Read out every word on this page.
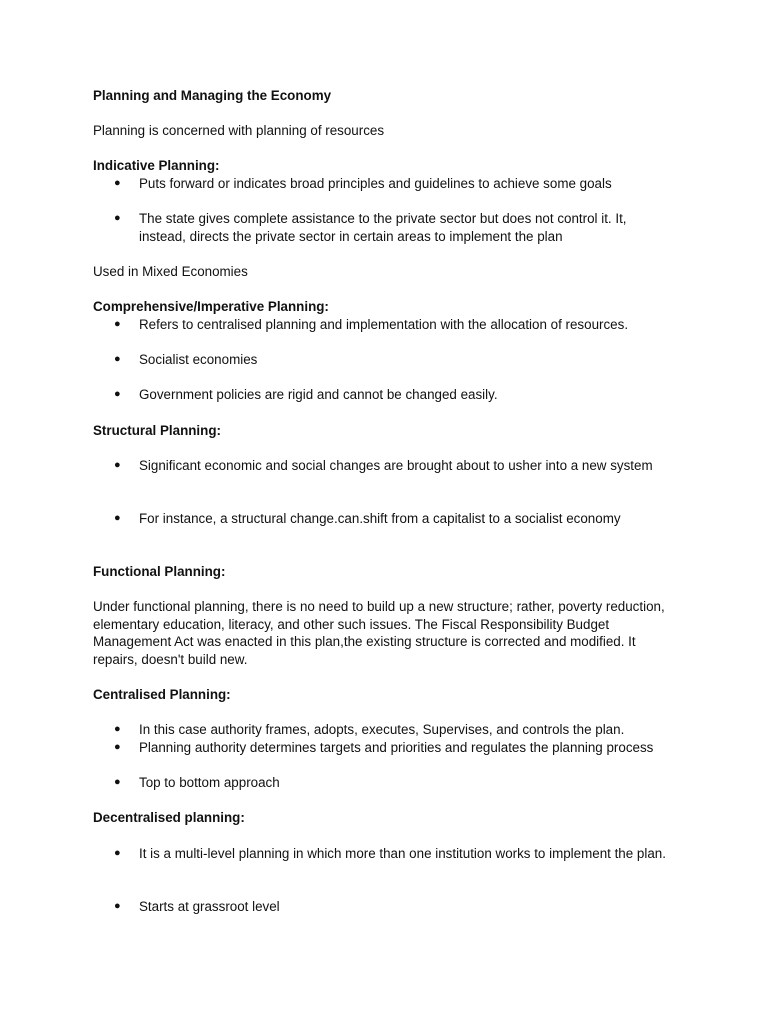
Planning and Managing the Economy
Planning is concerned with planning of resources
Indicative Planning:
●	Puts forward or indicates broad principles and guidelines to achieve some goals
●	The state gives complete assistance to the private sector but does not control it. It, instead, directs the private sector in certain areas to implement the plan
Used in Mixed Economies
Comprehensive/Imperative Planning:
●	Refers to centralised planning and implementation with the allocation of resources.
●	Socialist economies
●	Government policies are rigid and cannot be changed easily.
Structural Planning:
●	Significant economic and social changes are brought about to usher into a new system
●	For instance, a structural change.can.shift from a capitalist to a socialist economy
Functional Planning:
Under functional planning, there is no need to build up a new structure; rather, poverty reduction, elementary education, literacy, and other such issues. The Fiscal Responsibility Budget Management Act was enacted in this plan,the existing structure is corrected and modified. It repairs, doesn't build new.
Centralised Planning:
●	In this case authority frames, adopts, executes, Supervises, and controls the plan.
●	Planning authority determines targets and priorities and regulates the planning process
●	Top to bottom approach
Decentralised planning:
●	It is a multi-level planning in which more than one institution works to implement the plan.
●	Starts at grassroot level
